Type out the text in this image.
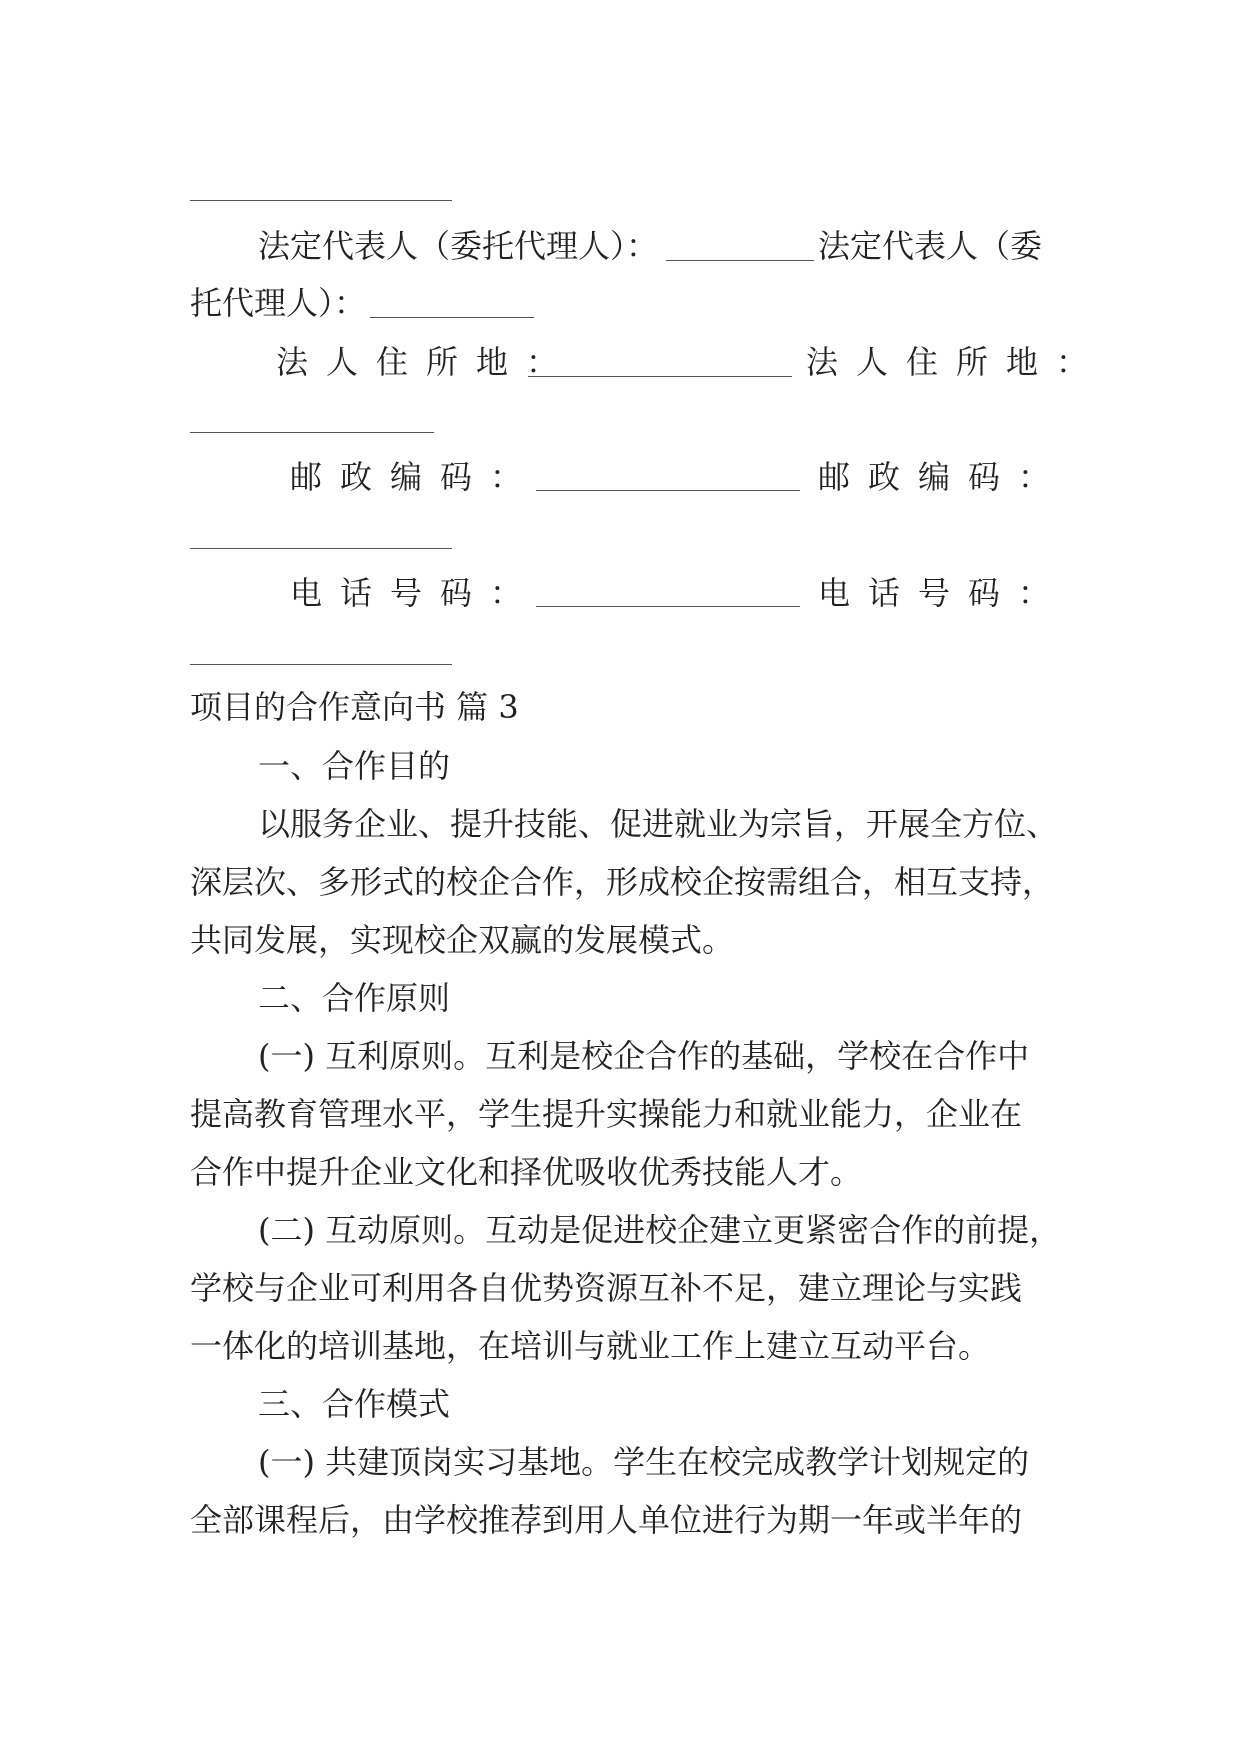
法定代表人（委托代理人）：	法定代表人（委
托代理人）：
法人住所地：	法人住所地：
邮政编码：	邮政编码：
电话号码：	电话号码：
项目的合作意向书 篇 3
一、合作目的
以服务企业、提升技能、促进就业为宗旨，开展全方位、
深层次、多形式的校企合作，形成校企按需组合，相互支持，
共同发展，实现校企双赢的发展模式。
二、合作原则
(一) 互利原则。互利是校企合作的基础，学校在合作中
提高教育管理水平，学生提升实操能力和就业能力，企业在
合作中提升企业文化和择优吸收优秀技能人才。
(二) 互动原则。互动是促进校企建立更紧密合作的前提，
学校与企业可利用各自优势资源互补不足，建立理论与实践
一体化的培训基地，在培训与就业工作上建立互动平台。
三、合作模式
(一) 共建顶岗实习基地。学生在校完成教学计划规定的
全部课程后，由学校推荐到用人单位进行为期一年或半年的
